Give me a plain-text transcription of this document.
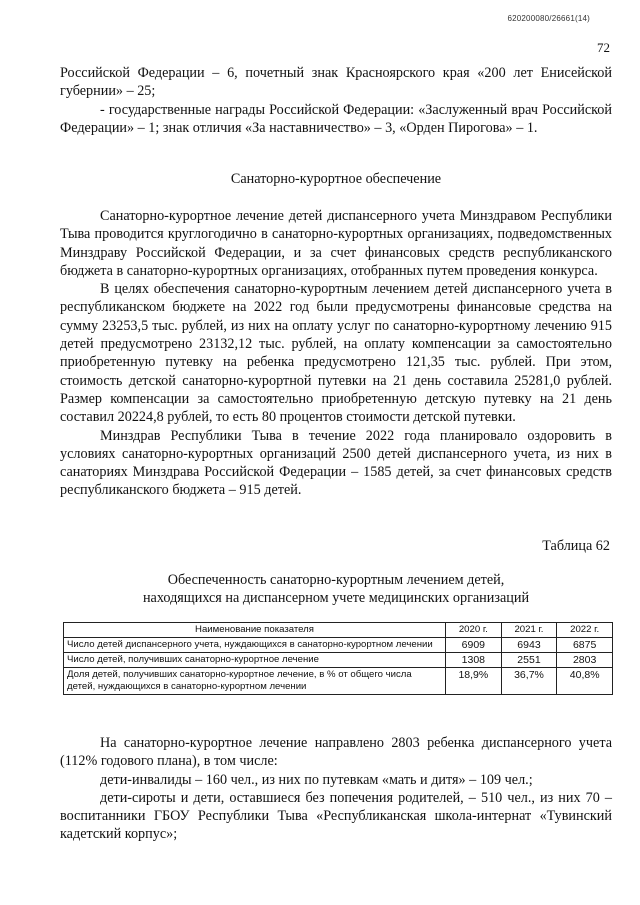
620200080/26661(14)
72

Российской Федерации – 6, почетный знак Красноярского края «200 лет Енисейской губернии» – 25;

- государственные награды Российской Федерации: «Заслуженный врач Российской Федерации» – 1; знак отличия «За наставничество» – 3, «Орден Пирогова» – 1.

Санаторно-курортное обеспечение

Санаторно-курортное лечение детей диспансерного учета Минздравом Республики Тыва проводится круглогодично в санаторно-курортных организациях, подведомственных Минздраву Российской Федерации, и за счет финансовых средств республиканского бюджета в санаторно-курортных организациях, отобранных путем проведения конкурса.

В целях обеспечения санаторно-курортным лечением детей диспансерного учета в республиканском бюджете на 2022 год были предусмотрены финансовые средства на сумму 23253,5 тыс. рублей, из них на оплату услуг по санаторно-курортному лечению 915 детей предусмотрено 23132,12 тыс. рублей, на оплату компенсации за самостоятельно приобретенную путевку на ребенка предусмотрено 121,35 тыс. рублей. При этом, стоимость детской санаторно-курортной путевки на 21 день составила 25281,0 рублей. Размер компенсации за самостоятельно приобретенную детскую путевку на 21 день составил 20224,8 рублей, то есть 80 процентов стоимости детской путевки.

Минздрав Республики Тыва в течение 2022 года планировало оздоровить в условиях санаторно-курортных организаций 2500 детей диспансерного учета, из них в санаториях Минздрава Российской Федерации – 1585 детей, за счет финансовых средств республиканского бюджета – 915 детей.

Таблица 62
Обеспеченность санаторно-курортным лечением детей,
находящихся на диспансерном учете медицинских организаций
Наименование показателя	2020 г.	2021 г.	2022 г.
Число детей диспансерного учета, нуждающихся в санаторно-курортном лечении	6909	6943	6875
Число детей, получивших санаторно-курортное лечение	1308	2551	2803
Доля детей, получивших санаторно-курортное лечение, в % от общего числа детей, нуждающихся в санаторно-курортном лечении	18,9%	36,7%	40,8%

На санаторно-курортное лечение направлено 2803 ребенка диспансерного учета (112% годового плана), в том числе:

дети-инвалиды – 160 чел., из них по путевкам «мать и дитя» – 109 чел.;

дети-сироты и дети, оставшиеся без попечения родителей, – 510 чел., из них 70 – воспитанники ГБОУ Республики Тыва «Республиканская школа-интернат «Тувинский кадетский корпус»;
